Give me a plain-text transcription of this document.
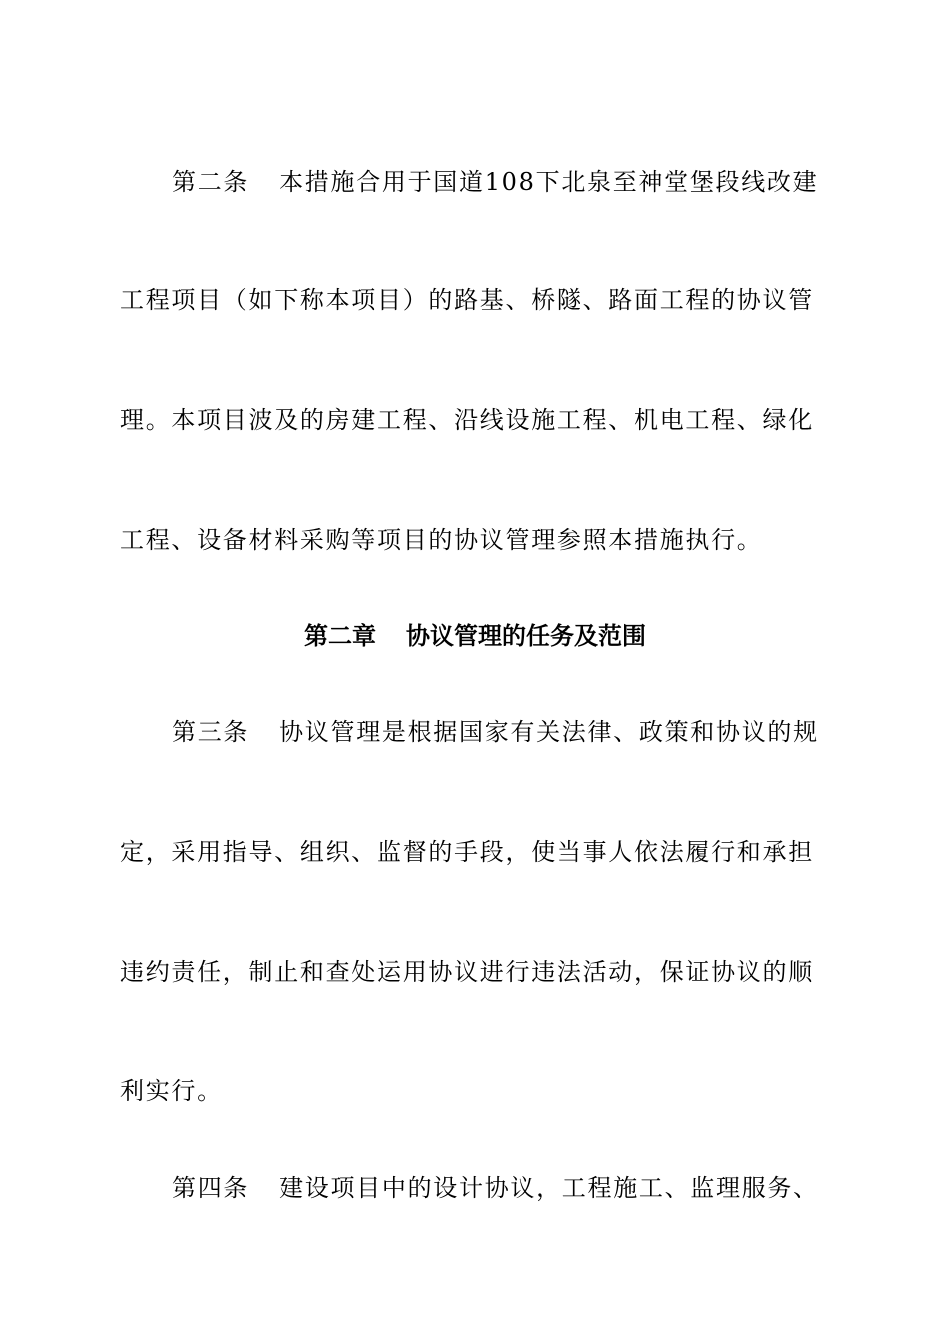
第二条 本措施合用于国道108下北泉至神堂堡段线改建
工程项目（如下称本项目）的路基、桥隧、路面工程的协议管
理。本项目波及的房建工程、沿线设施工程、机电工程、绿化
工程、设备材料采购等项目的协议管理参照本措施执行。
第二章 协议管理的任务及范围
第三条 协议管理是根据国家有关法律、政策和协议的规
定，采用指导、组织、监督的手段，使当事人依法履行和承担
违约责任，制止和查处运用协议进行违法活动，保证协议的顺
利实行。
第四条 建设项目中的设计协议，工程施工、监理服务、
